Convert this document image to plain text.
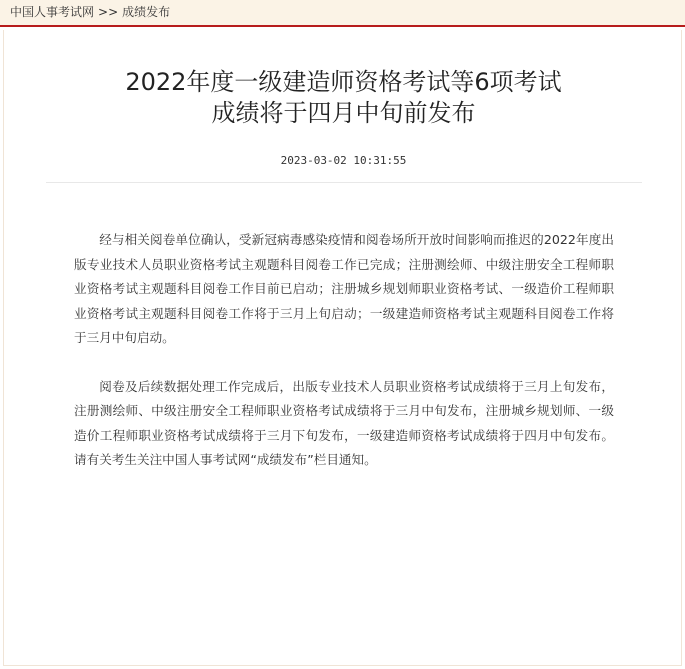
中国人事考试网 >> 成绩发布
2022年度一级建造师资格考试等6项考试
成绩将于四月中旬前发布
2023-03-02 10:31:55

经与相关阅卷单位确认，受新冠病毒感染疫情和阅卷场所开放时间影响而推迟的2022年度出版专业技术人员职业资格考试主观题科目阅卷工作已完成；注册测绘师、中级注册安全工程师职业资格考试主观题科目阅卷工作目前已启动；注册城乡规划师职业资格考试、一级造价工程师职业资格考试主观题科目阅卷工作将于三月上旬启动；一级建造师资格考试主观题科目阅卷工作将于三月中旬启动。

阅卷及后续数据处理工作完成后，出版专业技术人员职业资格考试成绩将于三月上旬发布，注册测绘师、中级注册安全工程师职业资格考试成绩将于三月中旬发布，注册城乡规划师、一级造价工程师职业资格考试成绩将于三月下旬发布，一级建造师资格考试成绩将于四月中旬发布。请有关考生关注中国人事考试网“成绩发布”栏目通知。
